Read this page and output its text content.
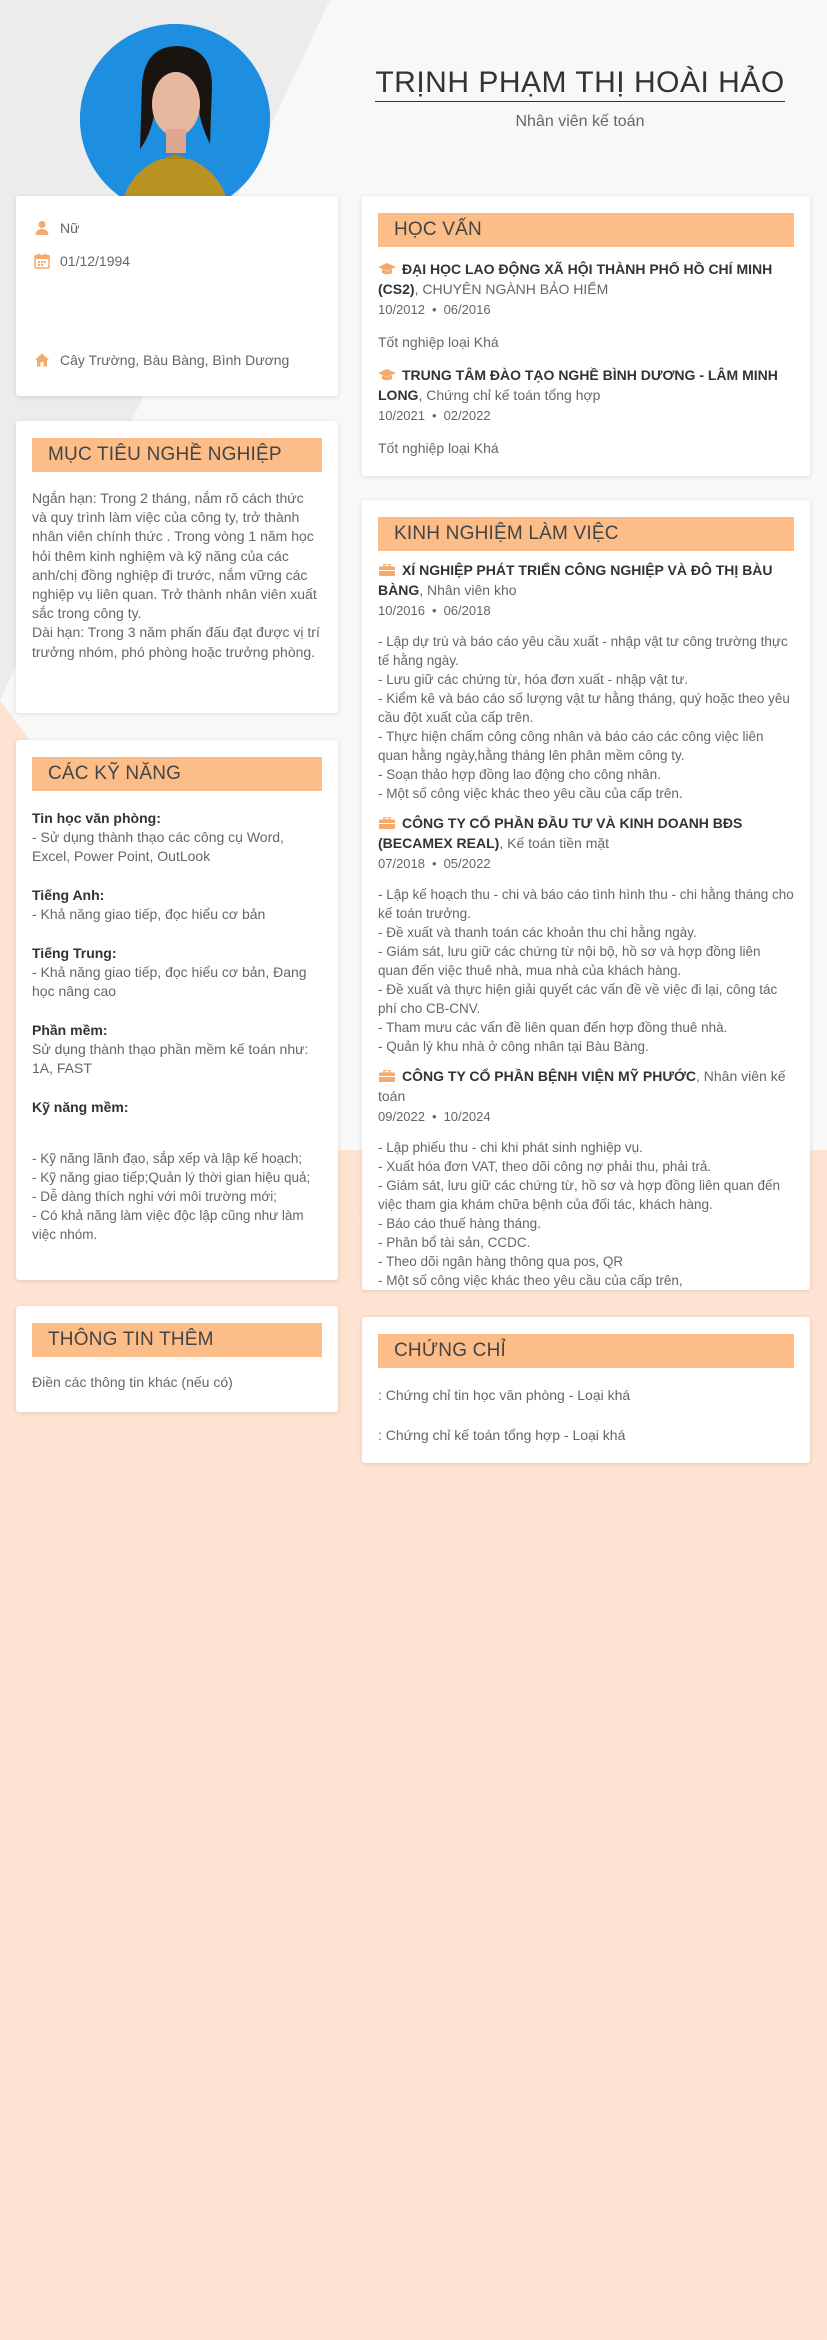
TRỊNH PHẠM THỊ HOÀI HẢO
Nhân viên kế toán
Nữ
01/12/1994
Cây Trường, Bàu Bàng, Bình Dương
MỤC TIÊU NGHỀ NGHIỆP
Ngắn hạn: Trong 2 tháng, nắm rõ cách thức và quy trình làm việc của công ty, trở thành nhân viên chính thức . Trong vòng 1 năm học hỏi thêm kinh nghiệm và kỹ năng của các anh/chị đồng nghiệp đi trước, nắm vững các nghiệp vụ liên quan. Trở thành nhân viên xuất sắc trong công ty.
Dài hạn: Trong 3 năm phấn đấu đạt được vị trí trưởng nhóm, phó phòng hoặc trưởng phòng.
CÁC KỸ NĂNG
Tin học văn phòng:
- Sử dụng thành thạo các công cụ Word, Excel, Power Point, OutLook
Tiếng Anh:
- Khả năng giao tiếp, đọc hiểu cơ bản
Tiếng Trung:
- Khả năng giao tiếp, đọc hiểu cơ bản, Đang học nâng cao
Phần mềm:
Sử dụng thành thạo phần mềm kế toán như: 1A, FAST
Kỹ năng mềm:
- Kỹ năng lãnh đạo, sắp xếp và lập kế hoạch;
- Kỹ năng giao tiếp;Quản lý thời gian hiệu quả;
- Dễ dàng thích nghi với môi trường mới;
- Có khả năng làm việc độc lập cũng như làm việc nhóm.
THÔNG TIN THÊM
Điền các thông tin khác (nếu có)
HỌC VẤN
ĐẠI HỌC LAO ĐỘNG XÃ HỘI THÀNH PHỐ HỒ CHÍ MINH (CS2), CHUYÊN NGÀNH BẢO HIỂM
10/2012 • 06/2016
Tốt nghiệp loại Khá
TRUNG TÂM ĐÀO TẠO NGHỀ BÌNH DƯƠNG - LÂM MINH LONG, Chứng chỉ kế toán tổng hợp
10/2021 • 02/2022
Tốt nghiệp loại Khá
KINH NGHIỆM LÀM VIỆC
XÍ NGHIỆP PHÁT TRIỂN CÔNG NGHIỆP VÀ ĐÔ THỊ BÀU BÀNG, Nhân viên kho
10/2016 • 06/2018
- Lập dự trù và báo cáo yêu cầu xuất - nhập vật tư công trường thực tế hằng ngày.
- Lưu giữ các chứng từ, hóa đơn xuất - nhập vật tư.
- Kiểm kê và báo cáo số lượng vật tư hằng tháng, quý hoặc theo yêu cầu đột xuất của cấp trên.
- Thực hiện chấm công công nhân và báo cáo các công việc liên quan hằng ngày,hằng tháng lên phân mềm công ty.
- Soạn thảo hợp đồng lao động cho công nhân.
- Một số công việc khác theo yêu cầu của cấp trên.
CÔNG TY CỔ PHẦN ĐẦU TƯ VÀ KINH DOANH BĐS (BECAMEX REAL), Kế toán tiền mặt
07/2018 • 05/2022
- Lập kế hoạch thu - chi và báo cáo tình hình thu - chi hằng tháng cho kế toán trưởng.
- Đề xuất và thanh toán các khoản thu chi hằng ngày.
- Giám sát, lưu giữ các chứng từ nội bộ, hồ sơ và hợp đồng liên quan đến việc thuê nhà, mua nhà của khách hàng.
- Đề xuất và thực hiện giải quyết các vấn đề về việc đi lại, công tác phí cho CB-CNV.
- Tham mưu các vấn đề liên quan đến hợp đồng thuê nhà.
- Quản lý khu nhà ở công nhân tại Bàu Bàng.
CÔNG TY CỔ PHẦN BỆNH VIỆN MỸ PHƯỚC, Nhân viên kế toán
09/2022 • 10/2024
- Lập phiếu thu - chi khi phát sinh nghiệp vụ.
- Xuất hóa đơn VAT, theo dõi công nợ phải thu, phải trả.
- Giám sát, lưu giữ các chứng từ, hồ sơ và hợp đồng liên quan đến việc tham gia khám chữa bệnh của đối tác, khách hàng.
- Báo cáo thuế hàng tháng.
- Phân bổ tài sản, CCDC.
- Theo dõi ngân hàng thông qua pos, QR
- Một số công việc khác theo yêu cầu của cấp trên,
CHỨNG CHỈ
: Chứng chỉ tin học văn phòng - Loại khá
: Chứng chỉ kế toán tổng hợp - Loại khá
